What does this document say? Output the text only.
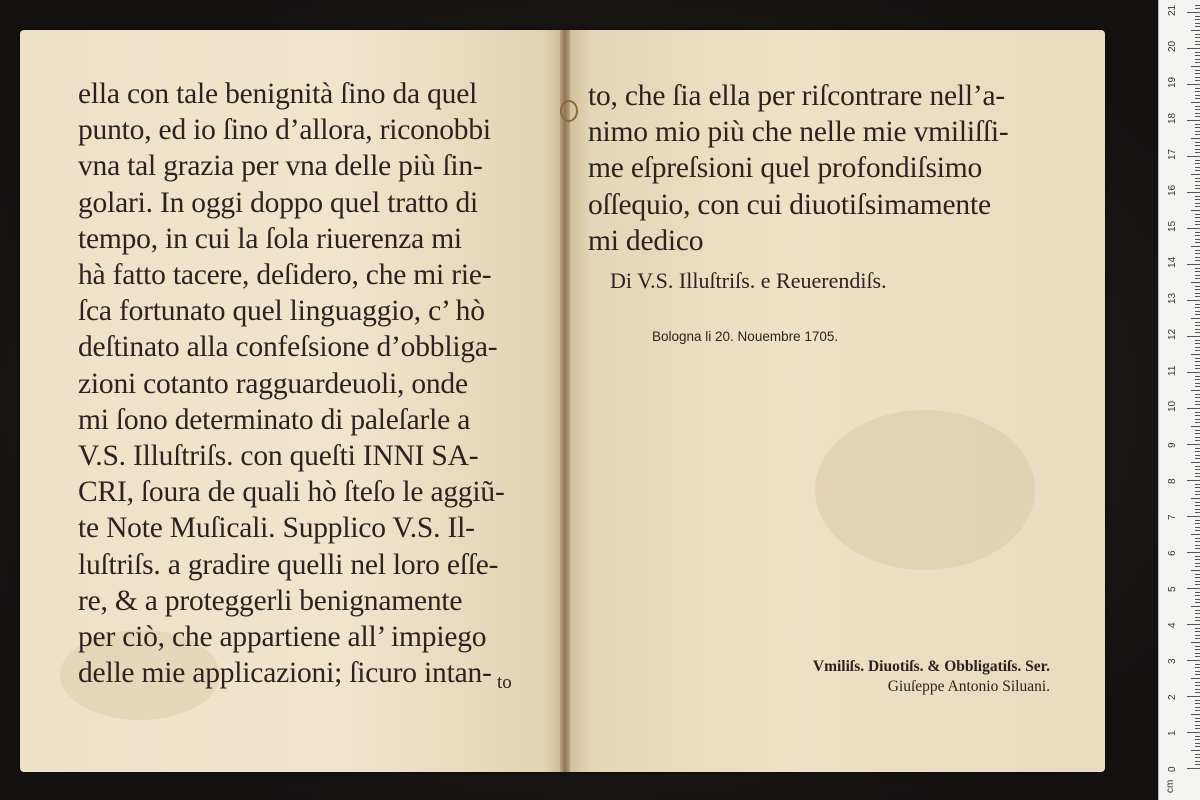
ella con tale benignità ſino da quel
punto, ed io ſino d’allora, riconobbi
vna tal grazia per vna delle più ſin-
golari. In oggi doppo quel tratto di
tempo, in cui la ſola riuerenza mi
hà fatto tacere, deſidero, che mi rie-
ſca fortunato quel linguaggio, c’ hò
deſtinato alla confeſsione d’obbliga-
zioni cotanto ragguardeuoli, onde
mi ſono determinato di paleſarle a
V.S. Illuſtriſs. con queſti INNI SA-
CRI, ſoura de quali hò ſteſo le aggiũ-
te Note Muſicali. Supplico V.S. Il-
luſtriſs. a gradire quelli nel loro eſſe-
re, & a proteggerli benignamente
per ciò, che appartiene all’ impiego
delle mie applicazioni; ſicuro intan- to
to, che ſia ella per riſcontrare nell’a-
nimo mio più che nelle mie vmiliſſi-
me eſpreſsioni quel profondiſsimo
oſſequio, con cui diuotiſsimamente
mi dedico
Di V.S. Illuſtriſs. e Reuerendiſs.
Bologna li 20. Nouembre 1705.
Vmiliſs. Diuotiſs. & Obbligatiſs. Ser.
Giuſeppe Antonio Siluani.
cm
0
1
2
3
4
5
6
7
8
9
10
11
12
13
14
15
16
17
18
19
20
21
